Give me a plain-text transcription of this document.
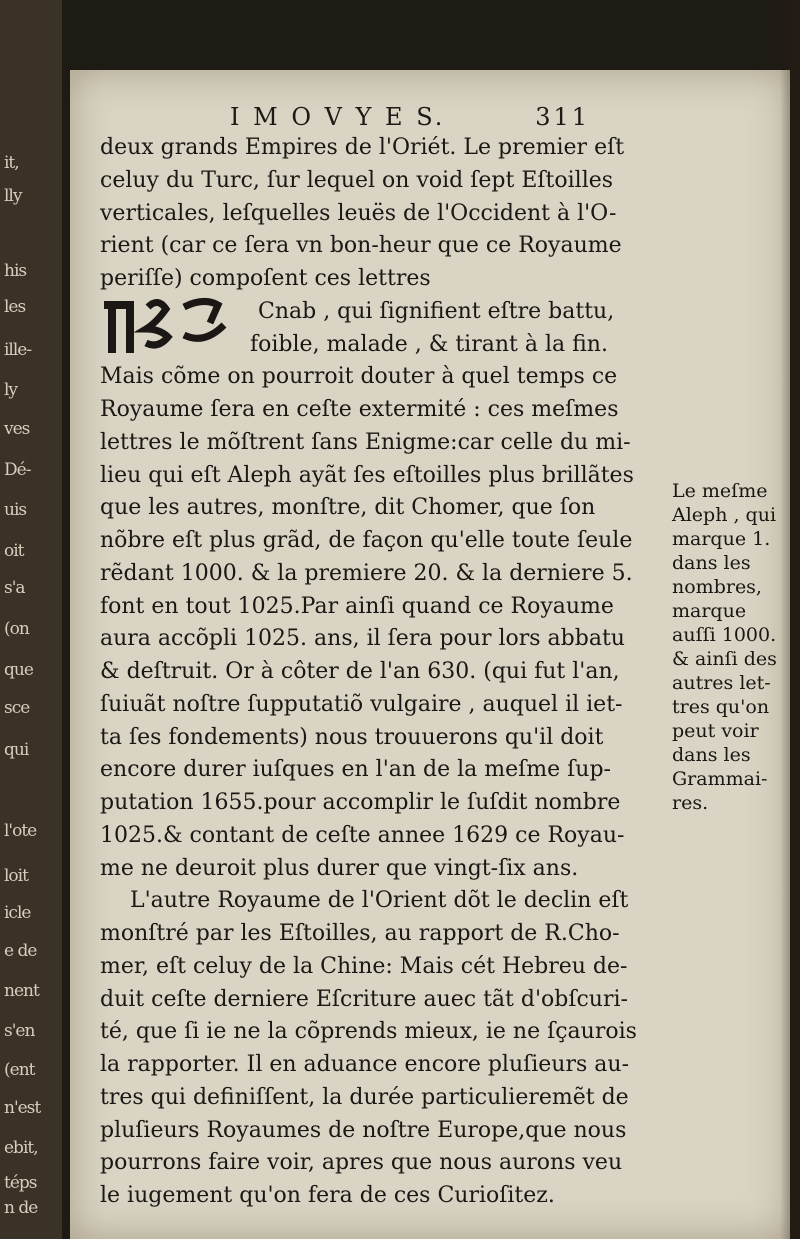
it,
lly
his
les
ille-
ly
ves
Dé-
uis
oit
s'a
(on
que
sce
qui
l'ote
loit
icle
e de
nent
s'en
(ent
n'est
ebit,
téps
n de
I M O V Y E S.	311
deux grands Empires de l'Oriét. Le premier eſt
celuy du Turc, ſur lequel on void ſept Eſtoilles
verticales, leſquelles leuës de l'Occident à l'O-
rient (car ce ſera vn bon-heur que ce Royaume
periſſe) compoſent ces lettres
Cnab , qui ſignifient eſtre battu,
foible, malade , & tirant à la fin.
Mais cõme on pourroit douter à quel temps ce
Royaume ſera en ceſte extermité : ces meſmes
lettres le mõſtrent ſans Enigme:car celle du mi-
lieu qui eſt Aleph ayãt ſes eſtoilles plus brillãtes
que les autres, monſtre, dit Chomer, que ſon
nõbre eſt plus grãd, de façon qu'elle toute ſeule
rẽdant 1000. & la premiere 20. & la derniere 5.
font en tout 1025.Par ainſi quand ce Royaume
aura accõpli 1025. ans, il ſera pour lors abbatu
& deſtruit. Or à côter de l'an 630. (qui fut l'an,
ſuiuãt noſtre ſupputatiõ vulgaire , auquel il iet-
ta ſes fondements) nous trouuerons qu'il doit
encore durer iuſques en l'an de la meſme ſup-
putation 1655.pour accomplir le ſuſdit nombre
1025.& contant de ceſte annee 1629 ce Royau-
me ne deuroit plus durer que vingt-ſix ans.
L'autre Royaume de l'Orient dõt le declin eſt
monſtré par les Eſtoilles, au rapport de R.Cho-
mer, eſt celuy de la Chine: Mais cét Hebreu de-
duit ceſte derniere Eſcriture auec tãt d'obſcuri-
té, que ſi ie ne la cõprends mieux, ie ne ſçaurois
la rapporter. Il en aduance encore pluſieurs au-
tres qui definiſſent, la durée particulieremẽt de
pluſieurs Royaumes de noſtre Europe,que nous
pourrons faire voir, apres que nous aurons veu
le iugement qu'on fera de ces Curioſitez.
Le meſme
Aleph , qui
marque 1.
dans les
nombres,
marque
auſſi 1000.
& ainſi des
autres let-
tres qu'on
peut voir
dans les
Grammai-
res.
